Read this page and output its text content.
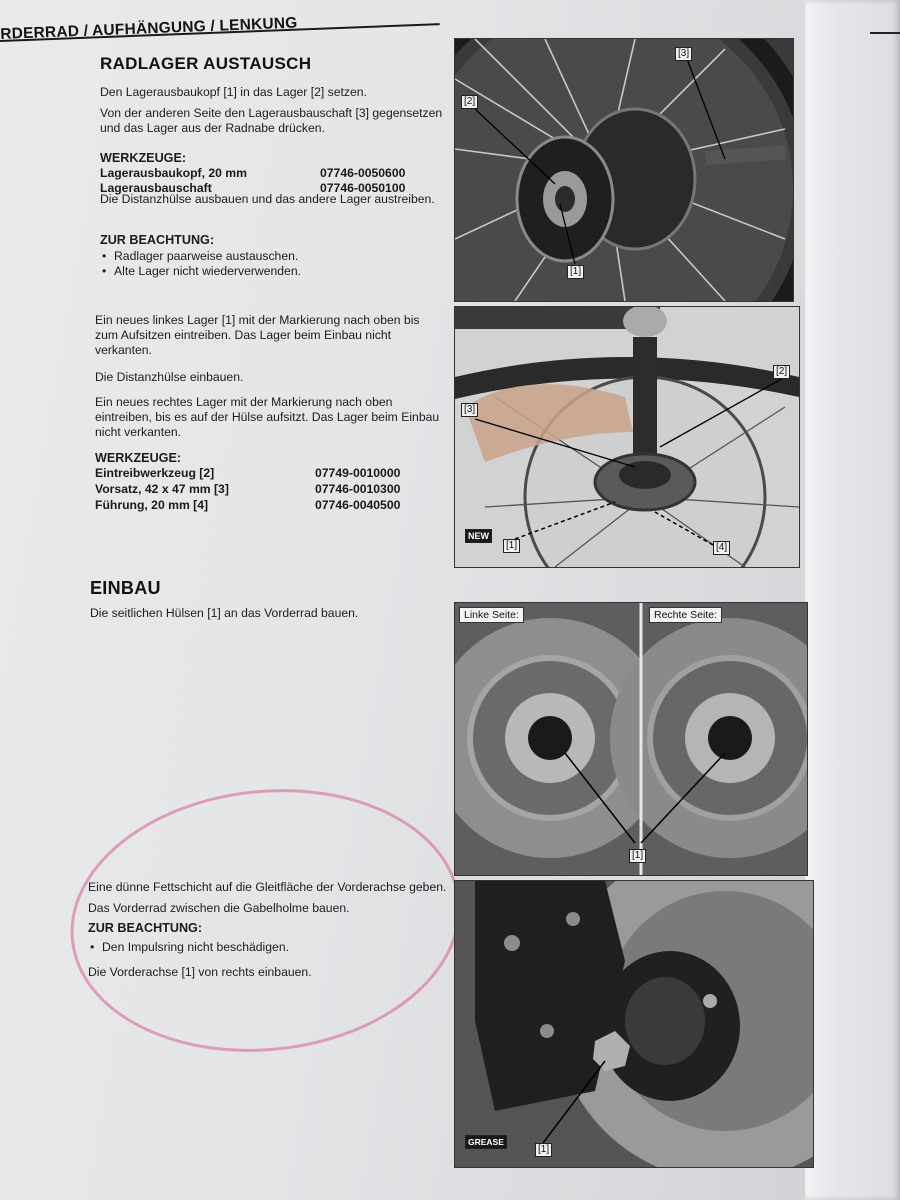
RDERRAD / AUFHÄNGUNG / LENKUNG
RADLAGER AUSTAUSCH
Den Lagerausbaukopf [1] in das Lager [2] setzen.
Von der anderen Seite den Lagerausbauschaft [3] gegensetzen und das Lager aus der Radnabe drücken.
WERKZEUGE:
Lagerausbaukopf, 20 mm	07746-0050600
Lagerausbauschaft	07746-0050100
Die Distanzhülse ausbauen und das andere Lager austreiben.
ZUR BEACHTUNG:
• Radlager paarweise austauschen.
• Alte Lager nicht wiederverwenden.
Ein neues linkes Lager [1] mit der Markierung nach oben bis zum Aufsitzen eintreiben. Das Lager beim Einbau nicht verkanten.
Die Distanzhülse einbauen.
Ein neues rechtes Lager mit der Markierung nach oben eintreiben, bis es auf der Hülse aufsitzt. Das Lager beim Einbau nicht verkanten.
WERKZEUGE:
Eintreibwerkzeug [2]	07749-0010000
Vorsatz, 42 x 47 mm [3]	07746-0010300
Führung, 20 mm [4]	07746-0040500
EINBAU
Die seitlichen Hülsen [1] an das Vorderrad bauen.
Eine dünne Fettschicht auf die Gleitfläche der Vorderachse geben.
Das Vorderrad zwischen die Gabelholme bauen.
ZUR BEACHTUNG:
• Den Impulsring nicht beschädigen.
Die Vorderachse [1] von rechts einbauen.
[2]
[3]
[1]
[3]
[2]
[1]	[4]
NEW
Linke Seite:	Rechte Seite:
[1]
[1]
GREASE
